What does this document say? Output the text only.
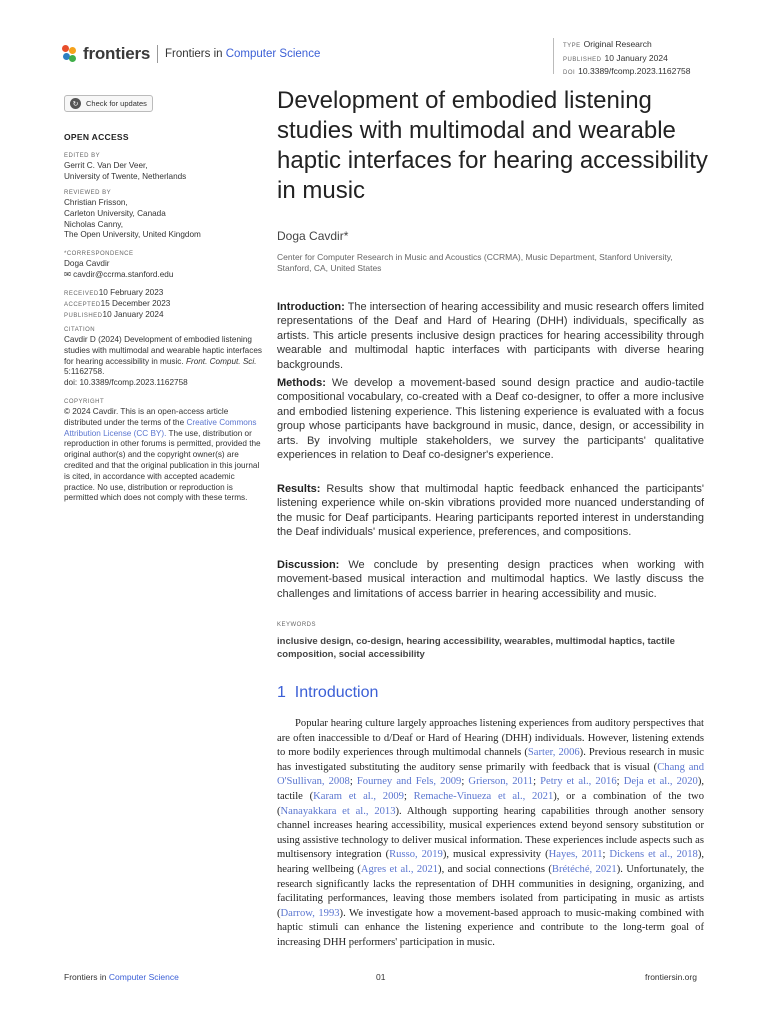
frontiers Frontiers in Computer Science
TYPE Original Research
PUBLISHED 10 January 2024
DOI 10.3389/fcomp.2023.1162758
↻	Check for updates
OPEN ACCESS
EDITED BY
Gerrit C. Van Der Veer,
University of Twente, Netherlands
REVIEWED BY
Christian Frisson,
Carleton University, Canada
Nicholas Canny,
The Open University, United Kingdom
*CORRESPONDENCE
Doga Cavdir
✉ cavdir@ccrma.stanford.edu
RECEIVED10 February 2023
ACCEPTED15 December 2023
PUBLISHED10 January 2024
CITATION
Cavdir D (2024) Development of embodied listening studies with multimodal and wearable haptic interfaces for hearing accessibility in music. Front. Comput. Sci. 5:1162758.
doi: 10.3389/fcomp.2023.1162758
COPYRIGHT
© 2024 Cavdir. This is an open-access article distributed under the terms of the Creative Commons Attribution License (CC BY). The use, distribution or reproduction in other forums is permitted, provided the original author(s) and the copyright owner(s) are credited and that the original publication in this journal is cited, in accordance with accepted academic practice. No use, distribution or reproduction is permitted which does not comply with these terms.
Development of embodied listening studies with multimodal and wearable haptic interfaces for hearing accessibility in music
Doga Cavdir*
Center for Computer Research in Music and Acoustics (CCRMA), Music Department, Stanford University, Stanford, CA, United States

Introduction: The intersection of hearing accessibility and music research offers limited representations of the Deaf and Hard of Hearing (DHH) individuals, specifically as artists. This article presents inclusive design practices for hearing accessibility through wearable and multimodal haptic interfaces with participants with diverse hearing backgrounds.

Methods: We develop a movement-based sound design practice and audio-tactile compositional vocabulary, co-created with a Deaf co-designer, to offer a more inclusive and embodied listening experience. This listening experience is evaluated with a focus group whose participants have background in music, dance, design, or accessibility in arts. By involving multiple stakeholders, we survey the participants' qualitative experiences in relation to Deaf co-designer's experience.

Results: Results show that multimodal haptic feedback enhanced the participants' listening experience while on-skin vibrations provided more nuanced understanding of the music for Deaf participants. Hearing participants reported interest in understanding the Deaf individuals' musical experience, preferences, and compositions.

Discussion: We conclude by presenting design practices when working with movement-based musical interaction and multimodal haptics. We lastly discuss the challenges and limitations of access barrier in hearing accessibility and music.

KEYWORDS
inclusive design, co-design, hearing accessibility, wearables, multimodal haptics, tactile composition, social accessibility
1 Introduction

Popular hearing culture largely approaches listening experiences from auditory perspectives that are often inaccessible to d/Deaf or Hard of Hearing (DHH) individuals. However, listening extends to more bodily experiences through multimodal channels (Sarter, 2006). Previous research in music has investigated substituting the auditory sense primarily with feedback that is visual (Chang and O'Sullivan, 2008; Fourney and Fels, 2009; Grierson, 2011; Petry et al., 2016; Deja et al., 2020), tactile (Karam et al., 2009; Remache-Vinueza et al., 2021), or a combination of the two (Nanayakkara et al., 2013). Although supporting hearing capabilities through another sensory channel increases hearing accessibility, musical experiences extend beyond sensory substitution or using assistive technology to deliver musical information. These experiences include aspects such as multisensory integration (Russo, 2019), musical expressivity (Hayes, 2011; Dickens et al., 2018), hearing wellbeing (Agres et al., 2021), and social connections (Brétéché, 2021). Unfortunately, the research significantly lacks the representation of DHH communities in designing, organizing, and facilitating performances, leaving those members isolated from participating in music as artists (Darrow, 1993). We investigate how a movement-based approach to music-making combined with haptic stimuli can enhance the listening experience and contribute to the long-term goal of increasing DHH performers' participation in music.

Frontiers in Computer Science	01	frontiersin.org
